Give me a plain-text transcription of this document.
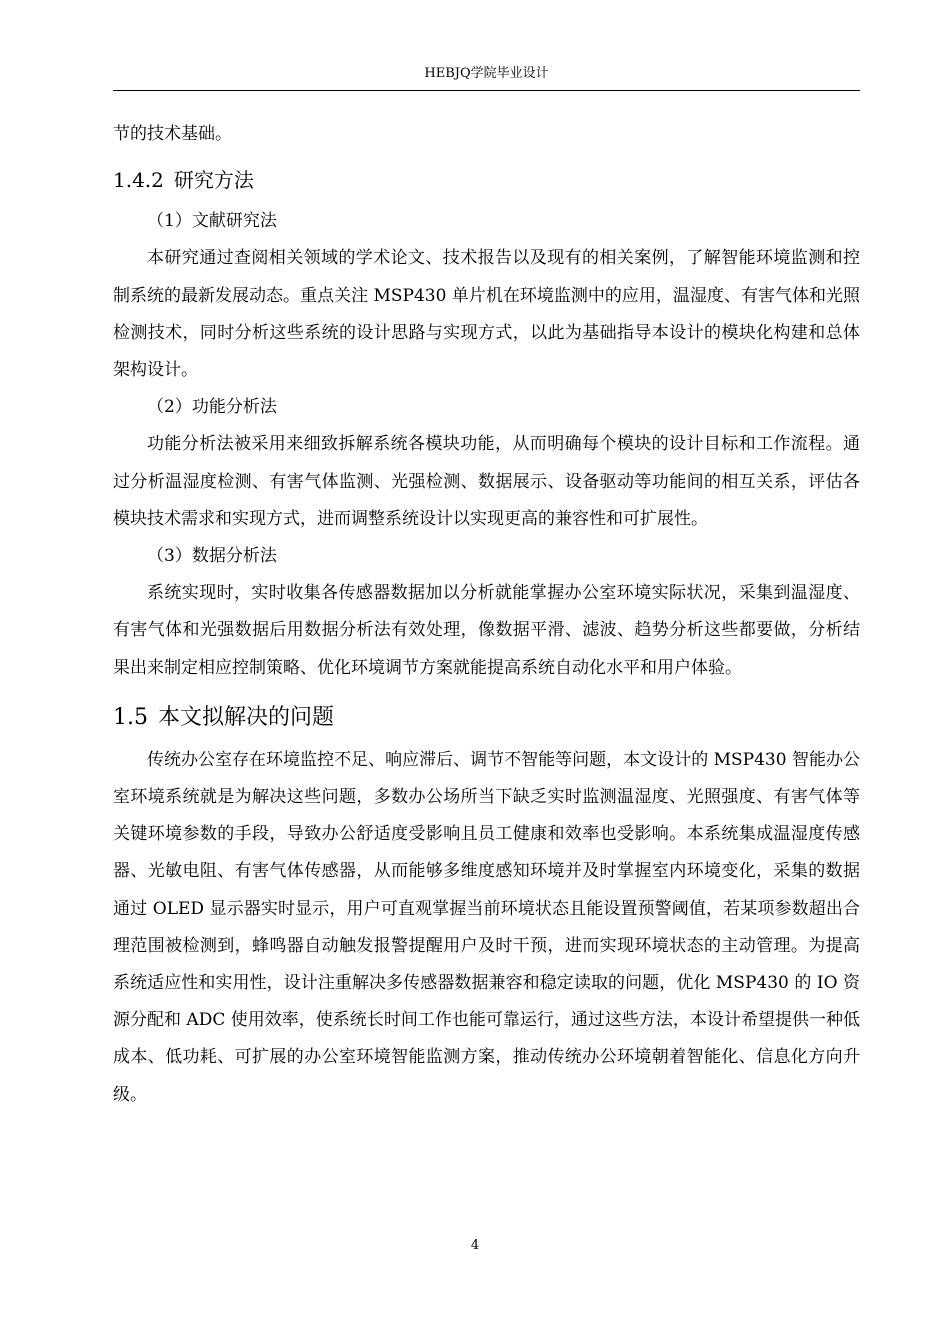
HEBJQ学院毕业设计

节的技术基础。

1.4.2 研究方法

（1）文献研究法

本研究通过查阅相关领域的学术论文、技术报告以及现有的相关案例，了解智能环境监测和控制系统的最新发展动态。重点关注 MSP430 单片机在环境监测中的应用，温湿度、有害气体和光照检测技术，同时分析这些系统的设计思路与实现方式，以此为基础指导本设计的模块化构建和总体架构设计。

（2）功能分析法

功能分析法被采用来细致拆解系统各模块功能，从而明确每个模块的设计目标和工作流程。通过分析温湿度检测、有害气体监测、光强检测、数据展示、设备驱动等功能间的相互关系，评估各模块技术需求和实现方式，进而调整系统设计以实现更高的兼容性和可扩展性。

（3）数据分析法

系统实现时，实时收集各传感器数据加以分析就能掌握办公室环境实际状况，采集到温湿度、有害气体和光强数据后用数据分析法有效处理，像数据平滑、滤波、趋势分析这些都要做，分析结果出来制定相应控制策略、优化环境调节方案就能提高系统自动化水平和用户体验。

1.5 本文拟解决的问题

传统办公室存在环境监控不足、响应滞后、调节不智能等问题，本文设计的 MSP430 智能办公室环境系统就是为解决这些问题，多数办公场所当下缺乏实时监测温湿度、光照强度、有害气体等关键环境参数的手段，导致办公舒适度受影响且员工健康和效率也受影响。本系统集成温湿度传感器、光敏电阻、有害气体传感器，从而能够多维度感知环境并及时掌握室内环境变化，采集的数据通过 OLED 显示器实时显示，用户可直观掌握当前环境状态且能设置预警阈值，若某项参数超出合理范围被检测到，蜂鸣器自动触发报警提醒用户及时干预，进而实现环境状态的主动管理。为提高系统适应性和实用性，设计注重解决多传感器数据兼容和稳定读取的问题，优化 MSP430 的 IO 资源分配和 ADC 使用效率，使系统长时间工作也能可靠运行，通过这些方法，本设计希望提供一种低成本、低功耗、可扩展的办公室环境智能监测方案，推动传统办公环境朝着智能化、信息化方向升级。

4
